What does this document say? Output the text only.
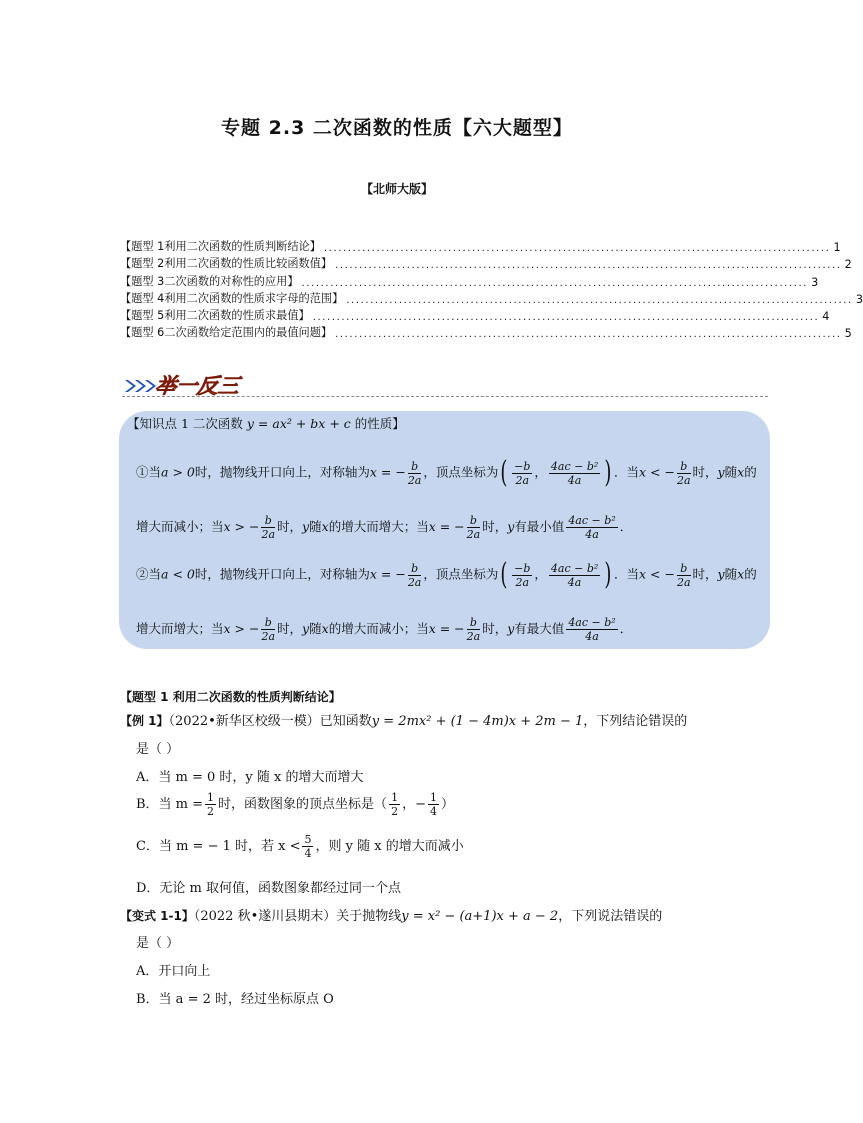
专题 2.3 二次函数的性质【六大题型】
【北师大版】
【题型 1 利用二次函数的性质判断结论】 .......................................................................................................... 1
【题型 2 利用二次函数的性质比较函数值】 .......................................................................................................... 2
【题型 3 二次函数的对称性的应用】 .......................................................................................................... 3
【题型 4 利用二次函数的性质求字母的范围】 .......................................................................................................... 3
【题型 5 利用二次函数的性质求最值】 .......................................................................................................... 4
【题型 6 二次函数给定范围内的最值问题】 .......................................................................................................... 5
举一反三
【知识点 1 二次函数 y = ax² + bx + c 的性质】
①当a > 0时，抛物线开口向上，对称轴为x = − $\frac{b}{2a}$ ，顶点坐标为( $\frac{-b}{2a}$ ， $\frac{\text{4ac − b²}}{4a}$ ) ．当x < − $\frac{b}{2a}$ 时，y随x的
增大而减小；当x > − $\frac{b}{2a}$ 时，y随x的增大而增大；当x = − $\frac{b}{2a}$ 时，y有最小值 $\frac{\text{4ac − b²}}{4a}$ ．
②当a < 0时，抛物线开口向上，对称轴为x = − $\frac{b}{2a}$ ，顶点坐标为( $\frac{-b}{2a}$ ， $\frac{\text{4ac − b²}}{4a}$ ) ．当x < − $\frac{b}{2a}$ 时，y随x的
增大而增大；当x > − $\frac{b}{2a}$ 时，y随x的增大而减小；当x = − $\frac{b}{2a}$ 时，y有最大值 $\frac{\text{4ac − b²}}{4a}$ ．
【题型 1 利用二次函数的性质判断结论】
【例 1】（2022•新华区校级一模）已知函数y = 2mx² + (1 − 4m)x + 2m − 1，下列结论错误的
是（ ）
A．当 m = 0 时，y 随 x 的增大而增大
B．当 $m = \frac{1}{2}$ 时，函数图象的顶点坐标是（ $\frac{1}{2}$ ，− $\frac{1}{4}$ ）
C．当 m = − 1 时，若 $x < \frac{5}{4}$ ，则 y 随 x 的增大而减小
D．无论 m 取何值，函数图象都经过同一个点
【变式 1-1】（2022 秋•遂川县期末）关于抛物线y = x² − (a+1)x + a − 2，下列说法错误的
是（ ）
A．开口向上
B．当 a = 2 时，经过坐标原点 O
